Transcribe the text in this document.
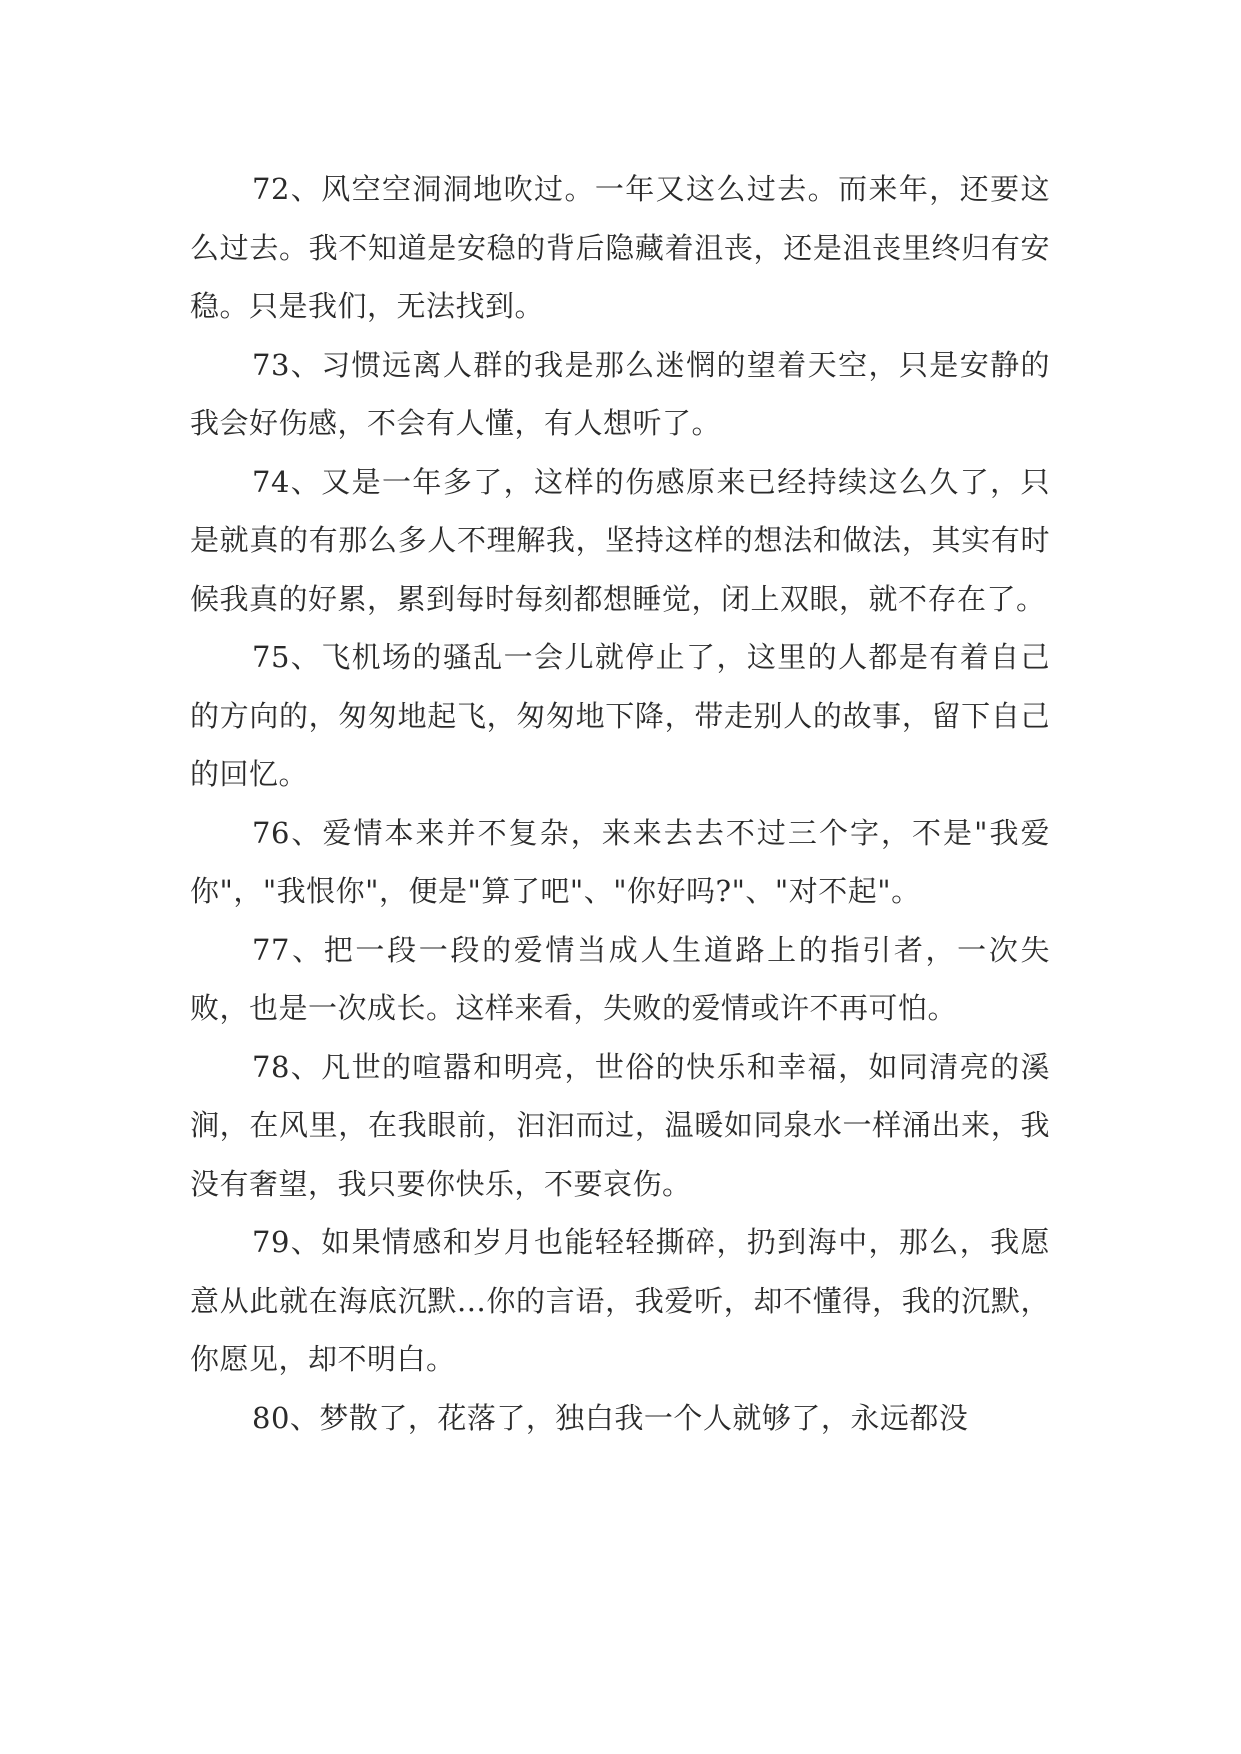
72、风空空洞洞地吹过。一年又这么过去。而来年，还要这么过去。我不知道是安稳的背后隐藏着沮丧，还是沮丧里终归有安稳。只是我们，无法找到。

73、习惯远离人群的我是那么迷惘的望着天空，只是安静的我会好伤感，不会有人懂，有人想听了。

74、又是一年多了，这样的伤感原来已经持续这么久了，只是就真的有那么多人不理解我，坚持这样的想法和做法，其实有时候我真的好累，累到每时每刻都想睡觉，闭上双眼，就不存在了。

75、飞机场的骚乱一会儿就停止了，这里的人都是有着自己的方向的，匆匆地起飞，匆匆地下降，带走别人的故事，留下自己的回忆。

76、爱情本来并不复杂，来来去去不过三个字，不是"我爱你"，"我恨你"，便是"算了吧"、"你好吗?"、"对不起"。

77、把一段一段的爱情当成人生道路上的指引者，一次失败，也是一次成长。这样来看，失败的爱情或许不再可怕。

78、凡世的喧嚣和明亮，世俗的快乐和幸福，如同清亮的溪涧，在风里，在我眼前，汩汩而过，温暖如同泉水一样涌出来，我没有奢望，我只要你快乐，不要哀伤。

79、如果情感和岁月也能轻轻撕碎，扔到海中，那么，我愿意从此就在海底沉默...你的言语，我爱听，却不懂得，我的沉默，你愿见，却不明白。

80、梦散了，花落了，独白我一个人就够了，永远都没
